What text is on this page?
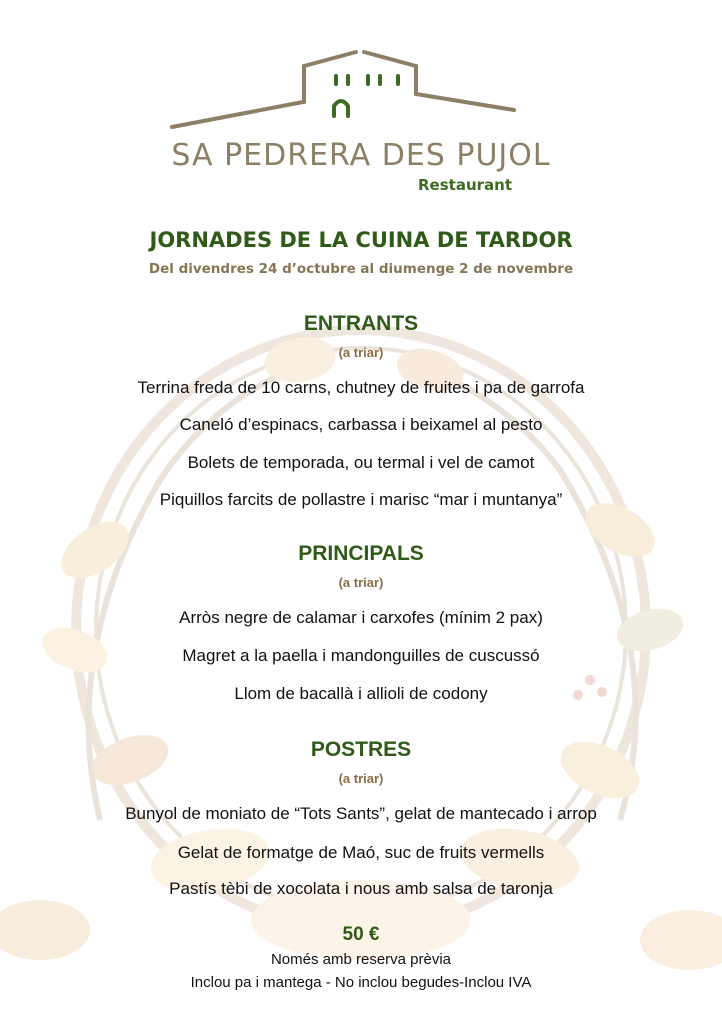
SA PEDRERA DES PUJOL
Restaurant
JORNADES DE LA CUINA DE TARDOR
Del divendres 24 d’octubre al diumenge 2 de novembre
ENTRANTS
(a triar)
Terrina freda de 10 carns, chutney de fruites i pa de garrofa
Caneló d’espinacs, carbassa i beixamel al pesto
Bolets de temporada, ou termal i vel de camot
Piquillos farcits de pollastre i marisc “mar i muntanya”
PRINCIPALS
(a triar)
Arròs negre de calamar i carxofes (mínim 2 pax)
Magret a la paella i mandonguilles de cuscussó
Llom de bacallà i allioli de codony
POSTRES
(a triar)
Bunyol de moniato de “Tots Sants”, gelat de mantecado i arrop
Gelat de formatge de Maó, suc de fruits vermells
Pastís tèbi de xocolata i nous amb salsa de taronja
50 €
Només amb reserva prèvia
Inclou pa i mantega - No inclou begudes-Inclou IVA
